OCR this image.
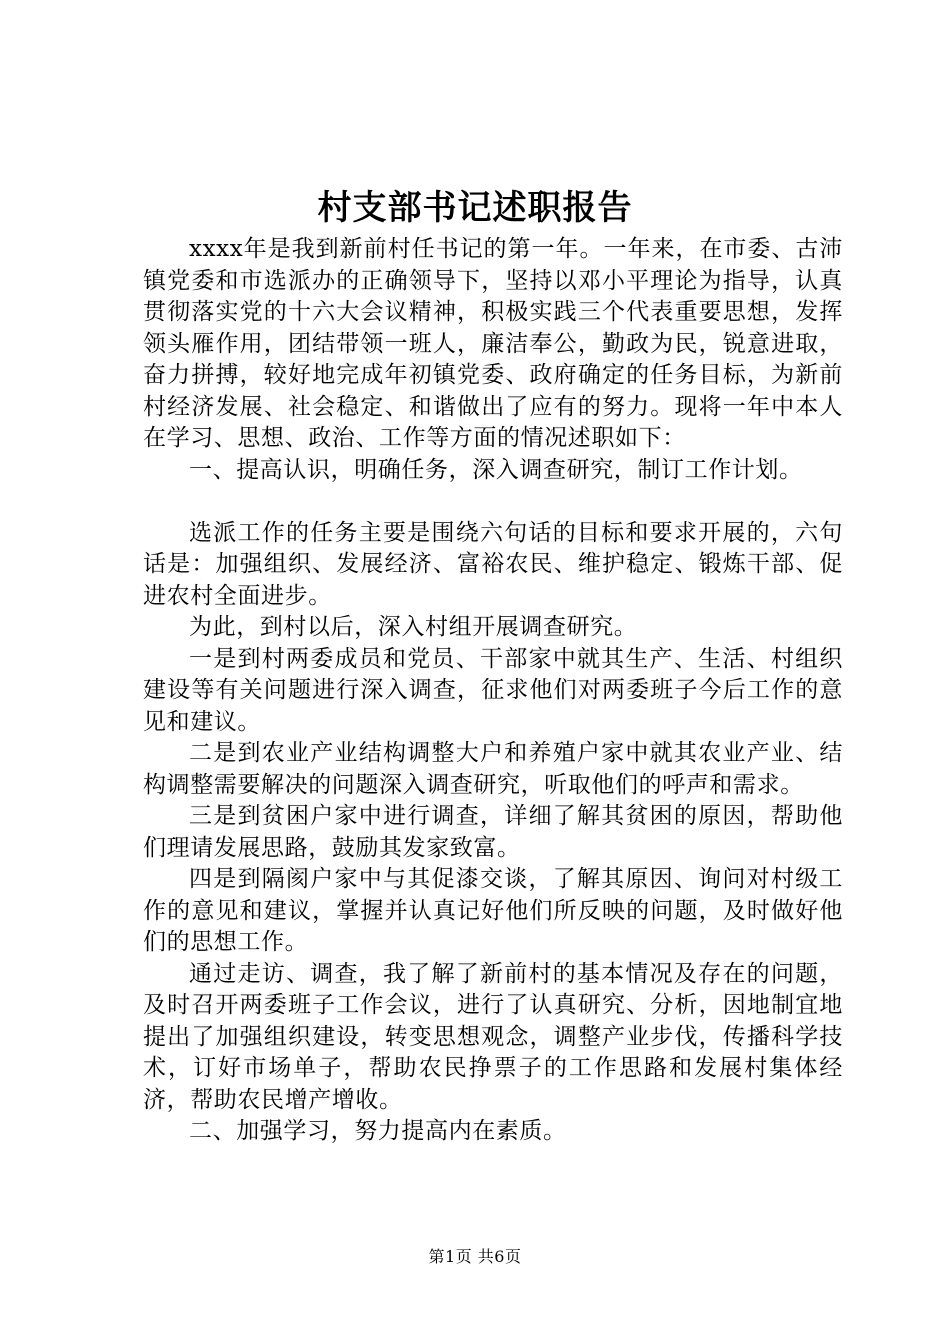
村支部书记述职报告

xxxx年是我到新前村任书记的第一年。一年来，在市委、古沛镇党委和市选派办的正确领导下，坚持以邓小平理论为指导，认真贯彻落实党的十六大会议精神，积极实践三个代表重要思想，发挥领头雁作用，团结带领一班人，廉洁奉公，勤政为民，锐意进取，奋力拼搏，较好地完成年初镇党委、政府确定的任务目标，为新前村经济发展、社会稳定、和谐做出了应有的努力。现将一年中本人在学习、思想、政治、工作等方面的情况述职如下：

一、提高认识，明确任务，深入调查研究，制订工作计划。

选派工作的任务主要是围绕六句话的目标和要求开展的，六句话是：加强组织、发展经济、富裕农民、维护稳定、锻炼干部、促进农村全面进步。

为此，到村以后，深入村组开展调查研究。

一是到村两委成员和党员、干部家中就其生产、生活、村组织建设等有关问题进行深入调查，征求他们对两委班子今后工作的意见和建议。

二是到农业产业结构调整大户和养殖户家中就其农业产业、结构调整需要解决的问题深入调查研究，听取他们的呼声和需求。

三是到贫困户家中进行调查，详细了解其贫困的原因，帮助他们理请发展思路，鼓励其发家致富。

四是到隔阂户家中与其促漆交谈，了解其原因、询问对村级工作的意见和建议，掌握并认真记好他们所反映的问题，及时做好他们的思想工作。

通过走访、调查，我了解了新前村的基本情况及存在的问题，及时召开两委班子工作会议，进行了认真研究、分析，因地制宜地提出了加强组织建设，转变思想观念，调整产业步伐，传播科学技术，订好市场单子，帮助农民挣票子的工作思路和发展村集体经济，帮助农民增产增收。

二、加强学习，努力提高内在素质。

第1页 共6页
